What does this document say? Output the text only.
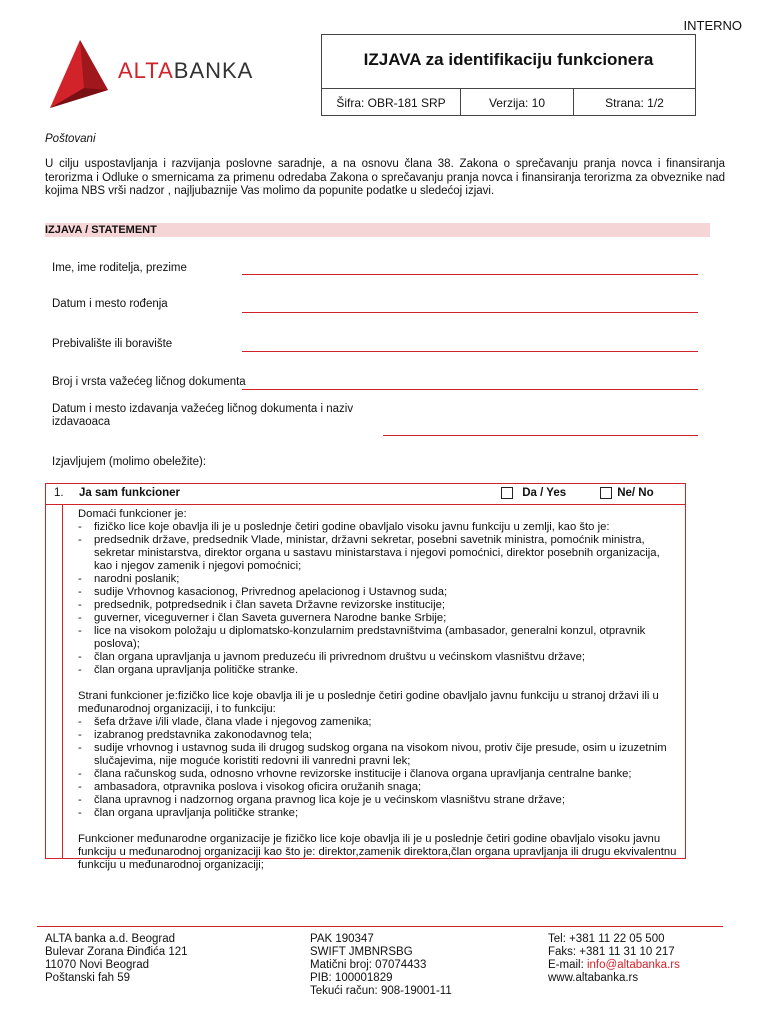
INTERNO
ALTABANKA	IZJAVA za identifikaciju funkcionera
Šifra: OBR-181 SRP	Verzija: 10	Strana: 1/2
Poštovani
U cilju uspostavljanja i razvijanja poslovne saradnje, a na osnovu člana 38. Zakona o sprečavanju pranja novca i finansiranja terorizma i Odluke o smernicama za primenu odredaba Zakona o sprečavanju pranja novca i finansiranja terorizma za obveznike nad kojima NBS vrši nadzor , najljubaznije Vas molimo da popunite podatke u sledećoj izjavi.
IZJAVA / STATEMENT
Ime, ime roditelja, prezime
Datum i mesto rođenja
Prebivalište ili boravište
Broj i vrsta važećeg ličnog dokumenta
Datum i mesto izdavanja važećeg ličnog dokumenta i naziv
izdavaoaca
Izjavljujem (molimo obeležite):
1. Ja sam funkcioner	Da / Yes	Ne/ No

Domaći funkcioner je:

-	fizičko lice koje obavlja ili je u poslednje četiri godine obavljalo visoku javnu funkciju u zemlji, kao što je:
-	predsednik države, predsednik Vlade, ministar, državni sekretar, posebni savetnik ministra, pomoćnik ministra, sekretar ministarstva, direktor organa u sastavu ministarstava i njegovi pomoćnici, direktor posebnih organizacija, kao i njegov zamenik i njegovi pomoćnici;
-	narodni poslanik;
-	sudije Vrhovnog kasacionog, Privrednog apelacionog i Ustavnog suda;
-	predsednik, potpredsednik i član saveta Državne revizorske institucije;
-	guverner, viceguverner i član Saveta guvernera Narodne banke Srbije;
-	lice na visokom položaju u diplomatsko-konzularnim predstavništvima (ambasador, generalni konzul, otpravnik poslova);
-	član organa upravljanja u javnom preduzeću ili privrednom društvu u većinskom vlasništvu države;
-	član organa upravljanja političke stranke.

Strani funkcioner je:fizičko lice koje obavlja ili je u poslednje četiri godine obavljalo javnu funkciju u stranoj državi ili u međunarodnoj organizaciji, i to funkciju:

-	šefa države i/ili vlade, člana vlade i njegovog zamenika;
-	izabranog predstavnika zakonodavnog tela;
-	sudije vrhovnog i ustavnog suda ili drugog sudskog organa na visokom nivou, protiv čije presude, osim u izuzetnim slučajevima, nije moguće koristiti redovni ili vanredni pravni lek;
-	člana računskog suda, odnosno vrhovne revizorske institucije i članova organa upravljanja centralne banke;
-	ambasadora, otpravnika poslova i visokog oficira oružanih snaga;
-	člana upravnog i nadzornog organa pravnog lica koje je u većinskom vlasništvu strane države;
-	član organa upravljanja političke stranke;

Funkcioner međunarodne organizacije je fizičko lice koje obavlja ili je u poslednje četiri godine obavljalo visoku javnu funkciju u međunarodnoj organizaciji kao što je: direktor,zamenik direktora,član organa upravljanja ili drugu ekvivalentnu funkciju u međunarodnoj organizaciji;

ALTA banka a.d. Beograd
Bulevar Zorana Đinđića 121
11070 Novi Beograd
Poštanski fah 59
PAK 190347
SWIFT JMBNRSBG
Matični broj: 07074433
PIB: 100001829
Tekući račun: 908-19001-11
Tel: +381 11 22 05 500
Faks: +381 11 31 10 217
E-mail: info@altabanka.rs
www.altabanka.rs
